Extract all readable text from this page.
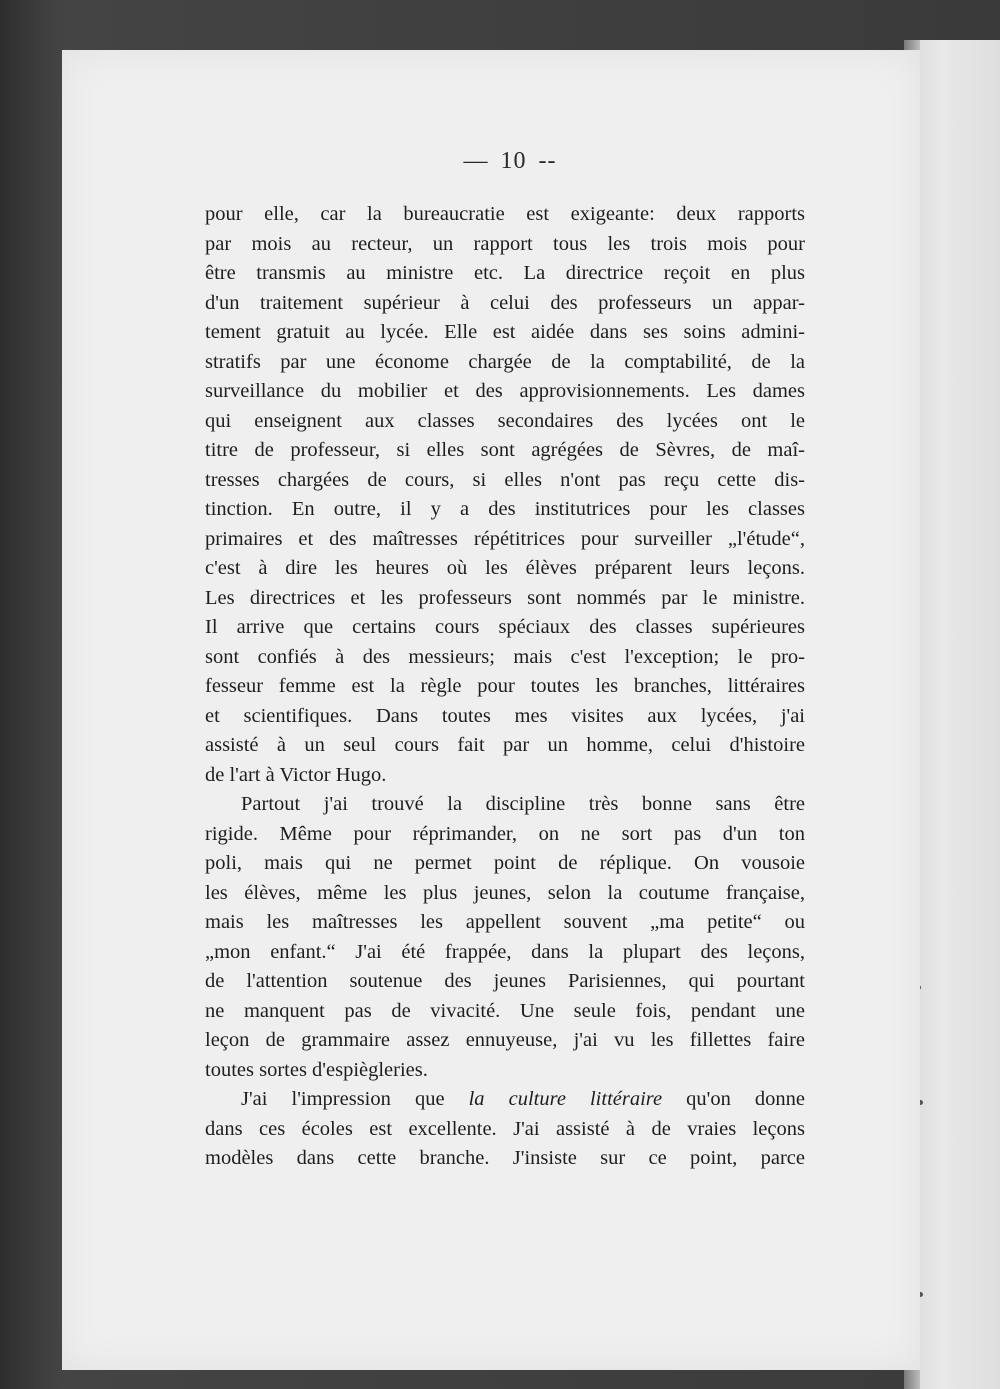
— 10 --
pour elle, car la bureaucratie est exigeante: deux rapports
par mois au recteur, un rapport tous les trois mois pour
être transmis au ministre etc. La directrice reçoit en plus
d'un traitement supérieur à celui des professeurs un appar-
tement gratuit au lycée. Elle est aidée dans ses soins admini-
stratifs par une économe chargée de la comptabilité, de la
surveillance du mobilier et des approvisionnements. Les dames
qui enseignent aux classes secondaires des lycées ont le
titre de professeur, si elles sont agrégées de Sèvres, de maî-
tresses chargées de cours, si elles n'ont pas reçu cette dis-
tinction. En outre, il y a des institutrices pour les classes
primaires et des maîtresses répétitrices pour surveiller „l'étude“,
c'est à dire les heures où les élèves préparent leurs leçons.
Les directrices et les professeurs sont nommés par le ministre.
Il arrive que certains cours spéciaux des classes supérieures
sont confiés à des messieurs; mais c'est l'exception; le pro-
fesseur femme est la règle pour toutes les branches, littéraires
et scientifiques. Dans toutes mes visites aux lycées, j'ai
assisté à un seul cours fait par un homme, celui d'histoire
de l'art à Victor Hugo.
Partout j'ai trouvé la discipline très bonne sans être
rigide. Même pour réprimander, on ne sort pas d'un ton
poli, mais qui ne permet point de réplique. On vousoie
les élèves, même les plus jeunes, selon la coutume française,
mais les maîtresses les appellent souvent „ma petite“ ou
„mon enfant.“ J'ai été frappée, dans la plupart des leçons,
de l'attention soutenue des jeunes Parisiennes, qui pourtant
ne manquent pas de vivacité. Une seule fois, pendant une
leçon de grammaire assez ennuyeuse, j'ai vu les fillettes faire
toutes sortes d'espiègleries.
J'ai l'impression que la culture littéraire qu'on donne
dans ces écoles est excellente. J'ai assisté à de vraies leçons
modèles dans cette branche. J'insiste sur ce point, parce
